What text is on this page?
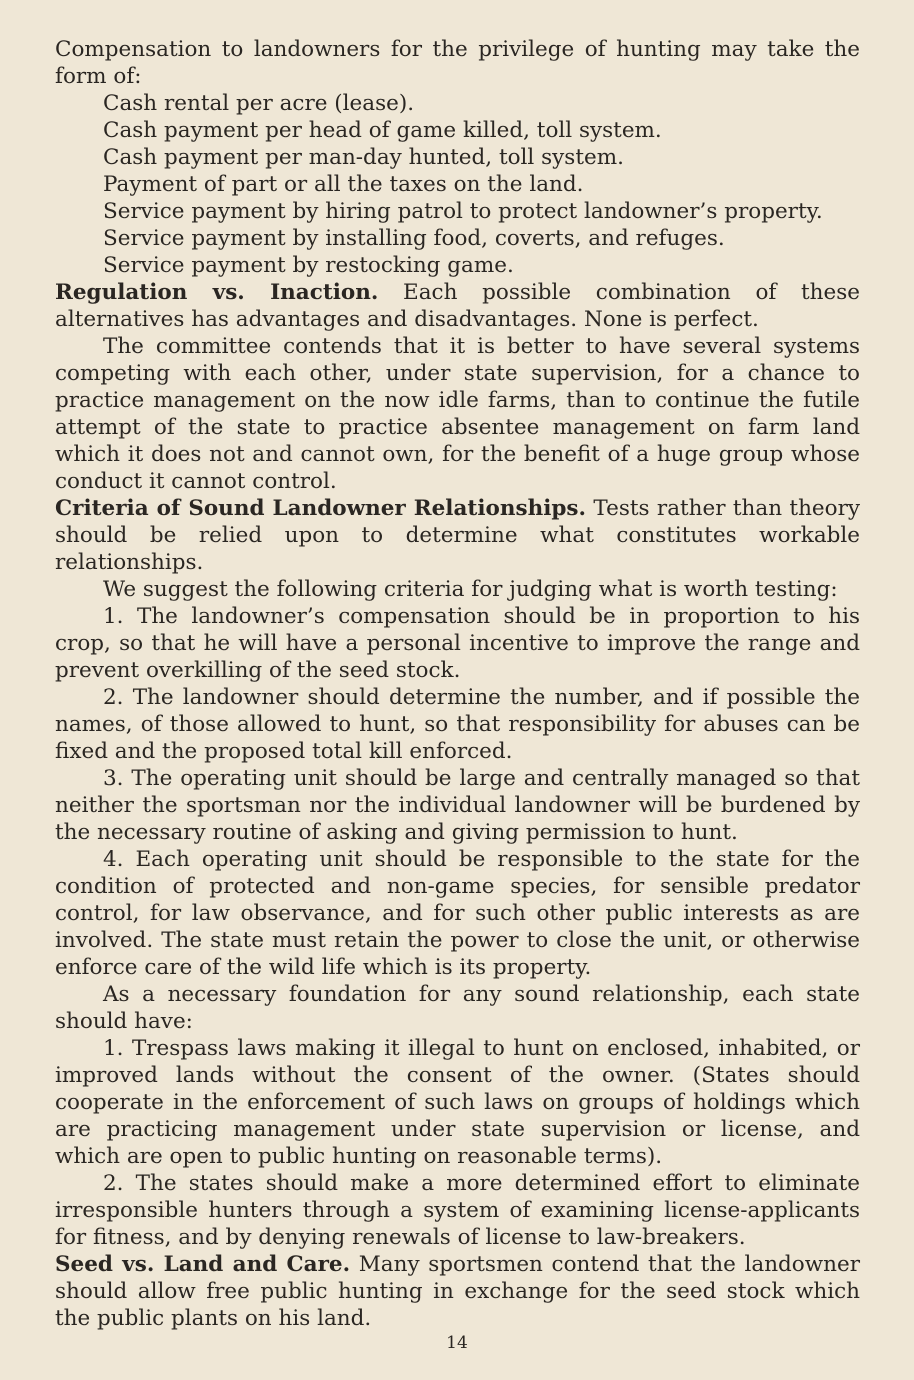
Compensation to landowners for the privilege of hunting may take the form of:

Cash rental per acre (lease).

Cash payment per head of game killed, toll system.

Cash payment per man-day hunted, toll system.

Payment of part or all the taxes on the land.

Service payment by hiring patrol to protect landowner’s property.

Service payment by installing food, coverts, and refuges.

Service payment by restocking game.

Regulation vs. Inaction. Each possible combination of these alternatives has advantages and disadvantages. None is perfect.

The committee contends that it is better to have several systems competing with each other, under state supervision, for a chance to practice management on the now idle farms, than to continue the futile attempt of the state to practice absentee management on farm land which it does not and cannot own, for the benefit of a huge group whose conduct it cannot control.

Criteria of Sound Landowner Relationships. Tests rather than theory should be relied upon to determine what constitutes workable relationships.

We suggest the following criteria for judging what is worth testing:

1. The landowner’s compensation should be in proportion to his crop, so that he will have a personal incentive to improve the range and prevent overkilling of the seed stock.

2. The landowner should determine the number, and if possible the names, of those allowed to hunt, so that responsibility for abuses can be fixed and the proposed total kill enforced.

3. The operating unit should be large and centrally managed so that neither the sportsman nor the individual landowner will be burdened by the necessary routine of asking and giving permission to hunt.

4. Each operating unit should be responsible to the state for the condition of protected and non-game species, for sensible predator control, for law observance, and for such other public interests as are involved. The state must retain the power to close the unit, or otherwise enforce care of the wild life which is its property.

As a necessary foundation for any sound relationship, each state should have:

1. Trespass laws making it illegal to hunt on enclosed, inhabited, or improved lands without the consent of the owner. (States should cooperate in the enforcement of such laws on groups of holdings which are practicing management under state supervision or license, and which are open to public hunting on reasonable terms).

2. The states should make a more determined effort to eliminate irresponsible hunters through a system of examining license-applicants for fitness, and by denying renewals of license to law-breakers.

Seed vs. Land and Care. Many sportsmen contend that the landowner should allow free public hunting in exchange for the seed stock which the public plants on his land.

14
